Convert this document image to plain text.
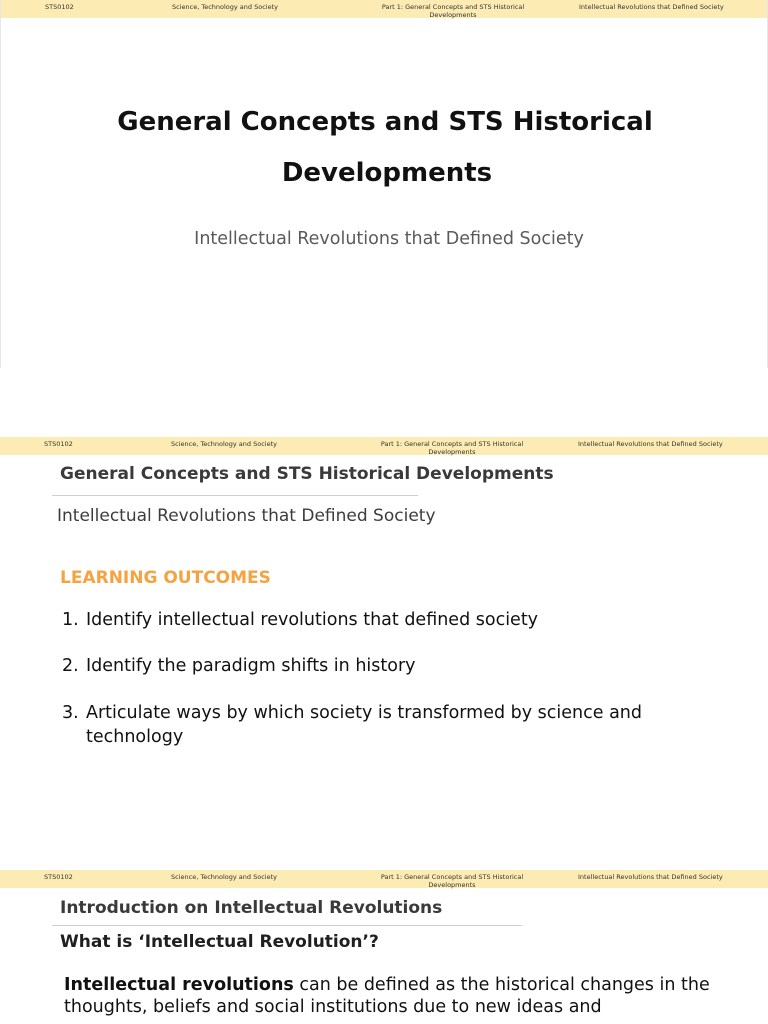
STS0102	Science, Technology and Society	Part 1: General Concepts and STS Historical Developments
Intellectual Revolutions that Defined Society
General Concepts and STS Historical
Developments
Intellectual Revolutions that Defined Society
STS0102	Science, Technology and Society	Part 1: General Concepts and STS Historical Developments
Intellectual Revolutions that Defined Society
General Concepts and STS Historical Developments
Intellectual Revolutions that Defined Society
LEARNING OUTCOMES
1. Identify intellectual revolutions that defined society
2. Identify the paradigm shifts in history
3. Articulate ways by which society is transformed by science and technology
STS0102	Science, Technology and Society	Part 1: General Concepts and STS Historical Developments
Intellectual Revolutions that Defined Society
Introduction on Intellectual Revolutions
What is ‘Intellectual Revolution’?
Intellectual revolutions can be defined as the historical changes in the thoughts, beliefs and social institutions due to new ideas and
